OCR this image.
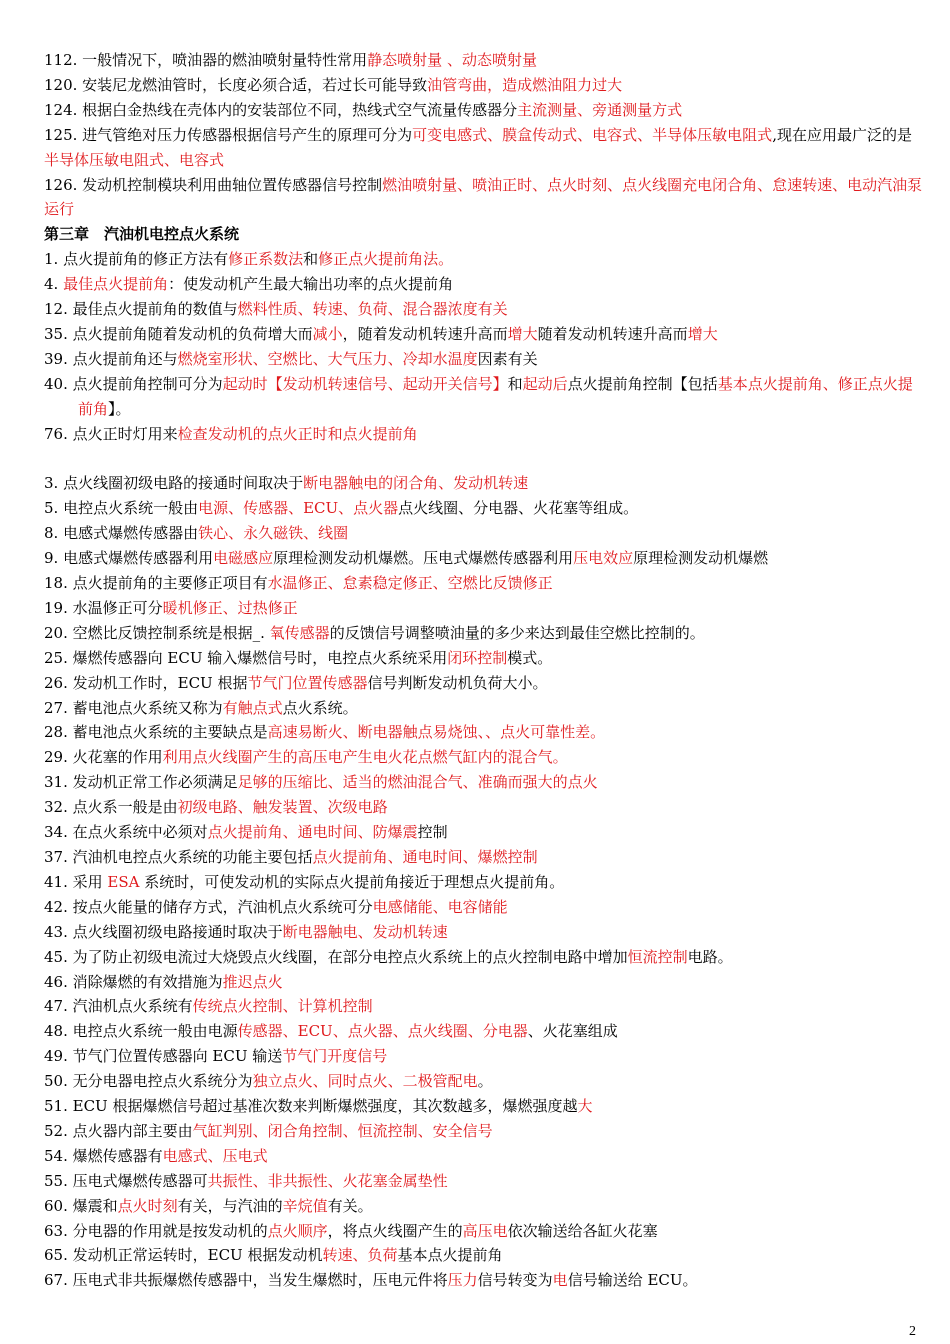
112. 一般情况下，喷油器的燃油喷射量特性常用静态喷射量 、动态喷射量
120. 安装尼龙燃油管时，长度必须合适，若过长可能导致油管弯曲，造成燃油阻力过大
124. 根据白金热线在壳体内的安装部位不同，热线式空气流量传感器分主流测量、旁通测量方式
125. 进气管绝对压力传感器根据信号产生的原理可分为可变电感式、膜盒传动式、电容式、半导体压敏电阻式,现在应用最广泛的是半导体压敏电阻式、电容式
126. 发动机控制模块利用曲轴位置传感器信号控制燃油喷射量、喷油正时、点火时刻、点火线圈充电闭合角、怠速转速、电动汽油泵运行
第三章　汽油机电控点火系统
1. 点火提前角的修正方法有修正系数法和修正点火提前角法。
4. 最佳点火提前角：使发动机产生最大输出功率的点火提前角
12. 最佳点火提前角的数值与燃料性质、转速、负荷、混合器浓度有关
35. 点火提前角随着发动机的负荷增大而减小，随着发动机转速升高而增大随着发动机转速升高而增大
39. 点火提前角还与燃烧室形状、空燃比、大气压力、冷却水温度因素有关
40. 点火提前角控制可分为起动时【发动机转速信号、起动开关信号】和起动后点火提前角控制【包括基本点火提前角、修正点火提前角】。
76. 点火正时灯用来检查发动机的点火正时和点火提前角
3. 点火线圈初级电路的接通时间取决于断电器触电的闭合角、发动机转速
5. 电控点火系统一般由电源、传感器、ECU、点火器点火线圈、分电器、火花塞等组成。
8. 电感式爆燃传感器由铁心、永久磁铁、线圈
9. 电感式爆燃传感器利用电磁感应原理检测发动机爆燃。压电式爆燃传感器利用压电效应原理检测发动机爆燃
18. 点火提前角的主要修正项目有水温修正、怠素稳定修正、空燃比反馈修正
19. 水温修正可分暖机修正、过热修正
20. 空燃比反馈控制系统是根据_. 氧传感器的反馈信号调整喷油量的多少来达到最佳空燃比控制的。
25. 爆燃传感器向 ECU 输入爆燃信号时，电控点火系统采用闭环控制模式。
26. 发动机工作时，ECU 根据节气门位置传感器信号判断发动机负荷大小。
27. 蓄电池点火系统又称为有触点式点火系统。
28. 蓄电池点火系统的主要缺点是高速易断火、断电器触点易烧蚀、、点火可靠性差。
29. 火花塞的作用利用点火线圈产生的高压电产生电火花点燃气缸内的混合气。
31. 发动机正常工作必须满足足够的压缩比、适当的燃油混合气、准确而强大的点火
32. 点火系一般是由初级电路、触发装置、次级电路
34. 在点火系统中必须对点火提前角、通电时间、防爆震控制
37. 汽油机电控点火系统的功能主要包括点火提前角、通电时间、爆燃控制
41. 采用 ESA 系统时，可使发动机的实际点火提前角接近于理想点火提前角。
42. 按点火能量的储存方式，汽油机点火系统可分电感储能、电容储能
43. 点火线圈初级电路接通时取决于断电器触电、发动机转速
45. 为了防止初级电流过大烧毁点火线圈，在部分电控点火系统上的点火控制电路中增加恒流控制电路。
46. 消除爆燃的有效措施为推迟点火
47. 汽油机点火系统有传统点火控制、计算机控制
48. 电控点火系统一般由电源传感器、ECU、点火器、点火线圈、分电器、火花塞组成
49. 节气门位置传感器向 ECU 输送节气门开度信号
50. 无分电器电控点火系统分为独立点火、同时点火、二极管配电。
51. ECU 根据爆燃信号超过基准次数来判断爆燃强度，其次数越多，爆燃强度越大
52. 点火器内部主要由气缸判别、闭合角控制、恒流控制、安全信号
54. 爆燃传感器有电感式、压电式
55. 压电式爆燃传感器可共振性、非共振性、火花塞金属垫性
60. 爆震和点火时刻有关，与汽油的辛烷值有关。
63. 分电器的作用就是按发动机的点火顺序，将点火线圈产生的高压电依次输送给各缸火花塞
65. 发动机正常运转时，ECU 根据发动机转速、负荷基本点火提前角
67. 压电式非共振爆燃传感器中，当发生爆燃时，压电元件将压力信号转变为电信号输送给 ECU。
2
